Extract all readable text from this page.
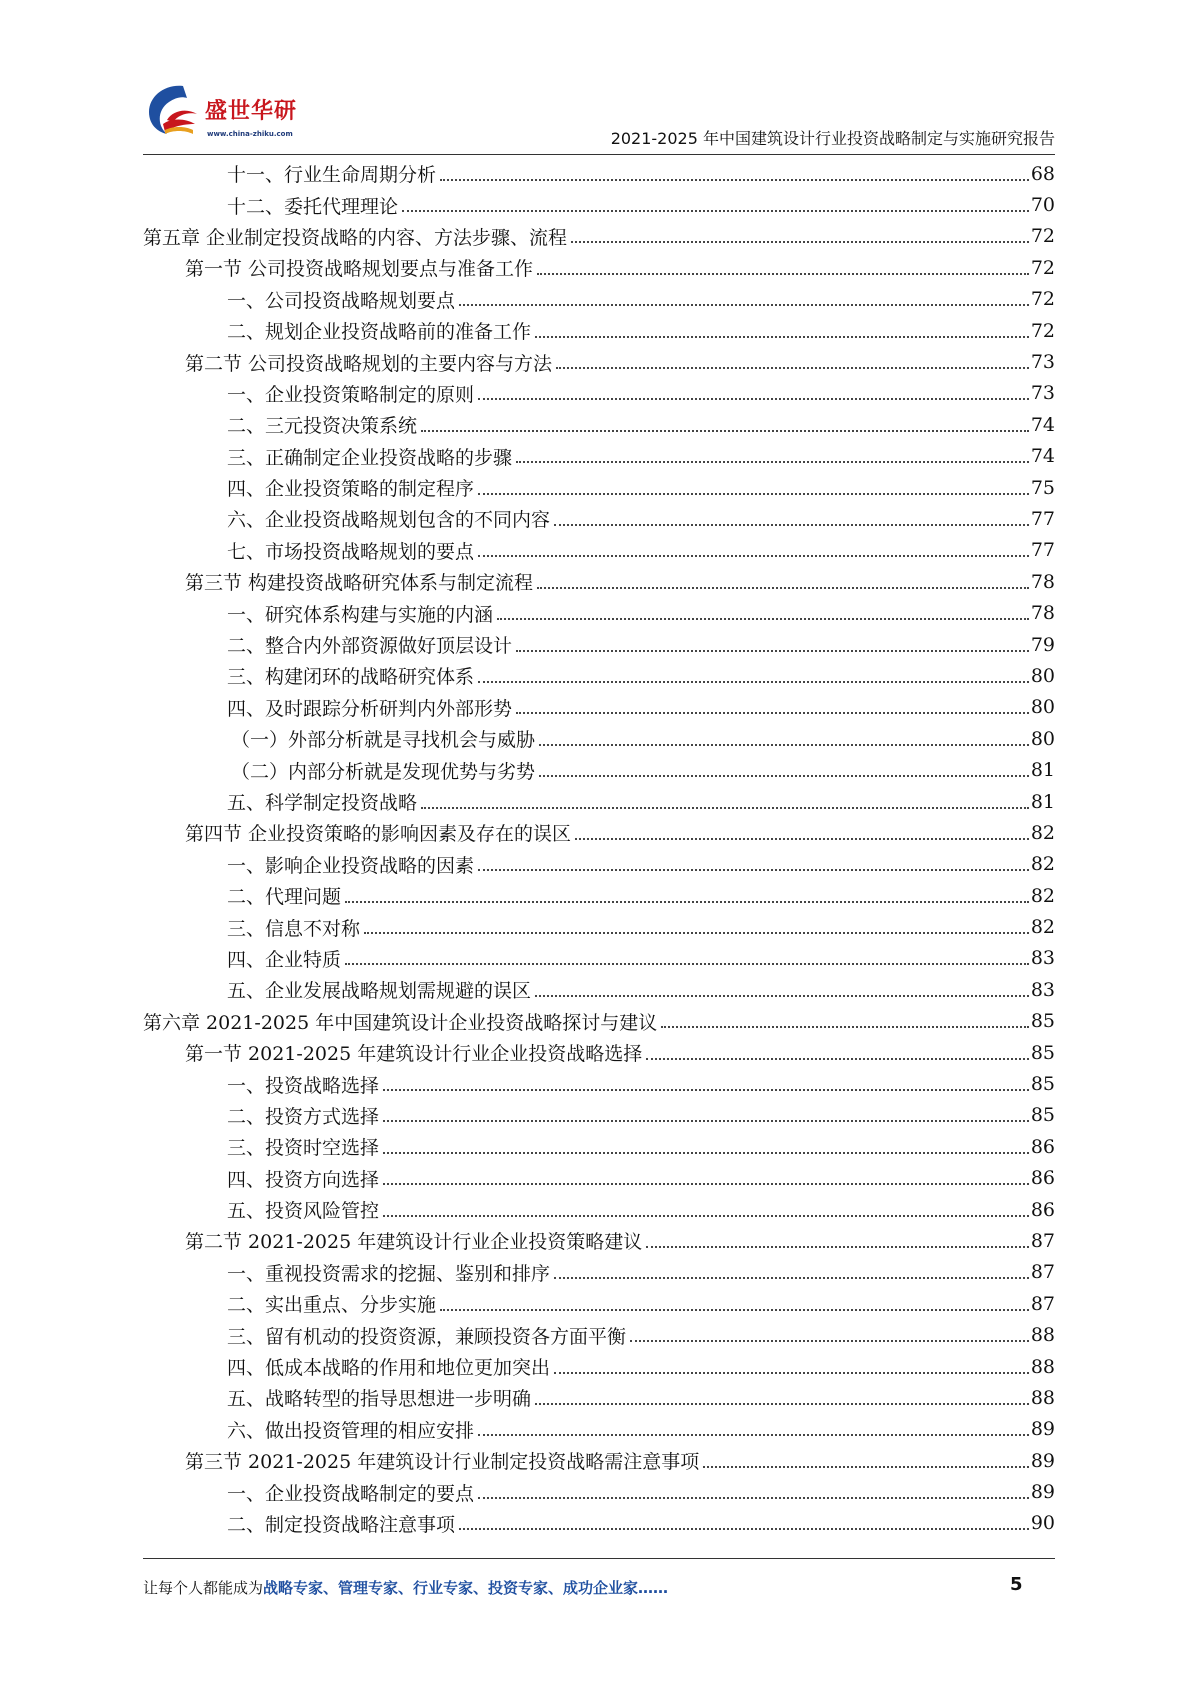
盛世华研
www.china-zhiku.com	2021-2025 年中国建筑设计行业投资战略制定与实施研究报告
十一、行业生命周期分析	68
十二、委托代理理论	70
第五章 企业制定投资战略的内容、方法步骤、流程	72
第一节 公司投资战略规划要点与准备工作	72
一、公司投资战略规划要点	72
二、规划企业投资战略前的准备工作	72
第二节 公司投资战略规划的主要内容与方法	73
一、企业投资策略制定的原则	73
二、三元投资决策系统	74
三、正确制定企业投资战略的步骤	74
四、企业投资策略的制定程序	75
六、企业投资战略规划包含的不同内容	77
七、市场投资战略规划的要点	77
第三节 构建投资战略研究体系与制定流程	78
一、研究体系构建与实施的内涵	78
二、整合内外部资源做好顶层设计	79
三、构建闭环的战略研究体系	80
四、及时跟踪分析研判内外部形势	80
（一）外部分析就是寻找机会与威胁	80
（二）内部分析就是发现优势与劣势	81
五、科学制定投资战略	81
第四节 企业投资策略的影响因素及存在的误区	82
一、影响企业投资战略的因素	82
二、代理问题	82
三、信息不对称	82
四、企业特质	83
五、企业发展战略规划需规避的误区	83
第六章 2021-2025 年中国建筑设计企业投资战略探讨与建议	85
第一节 2021-2025 年建筑设计行业企业投资战略选择	85
一、投资战略选择	85
二、投资方式选择	85
三、投资时空选择	86
四、投资方向选择	86
五、投资风险管控	86
第二节 2021-2025 年建筑设计行业企业投资策略建议	87
一、重视投资需求的挖掘、鉴别和排序	87
二、实出重点、分步实施	87
三、留有机动的投资资源，兼顾投资各方面平衡	88
四、低成本战略的作用和地位更加突出	88
五、战略转型的指导思想进一步明确	88
六、做出投资管理的相应安排	89
第三节 2021-2025 年建筑设计行业制定投资战略需注意事项	89
一、企业投资战略制定的要点	89
二、制定投资战略注意事项	90
让每个人都能成为战略专家、管理专家、行业专家、投资专家、成功企业家……	5
